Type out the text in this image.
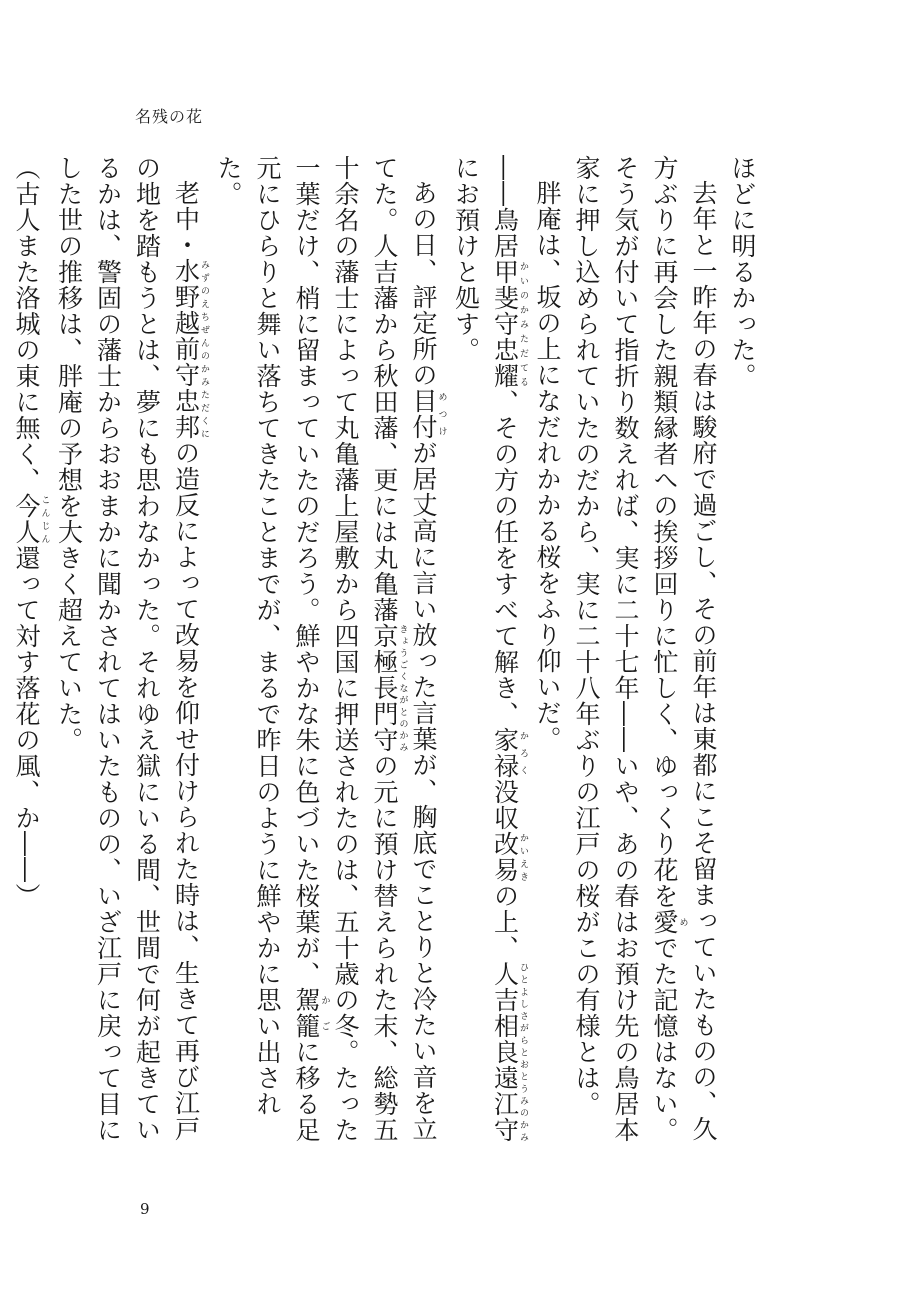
名残の花

ほどに明るかった。

去年と一昨年の春は駿府で過ごし、その前年は東都にこそ留まっていたものの、久方ぶりに再会した親類縁者への挨拶回りに忙しく、ゆっくり花を愛めでた記憶はない。そう気が付いて指折り数えれば、実に二十七年――いや、あの春はお預け先の鳥居本家に押し込められていたのだから、実に二十八年ぶりの江戸の桜がこの有様とは。

胖庵は、坂の上になだれかかる桜をふり仰いだ。

――鳥居甲斐守忠耀かいのかみただてる、その方の任をすべて解き、家禄かろく没収改易かいえきの上、人吉相良遠江守ひとよしさがらとおとうみのかみにお預けと処す。

あの日、評定所の目付めつけが居丈高に言い放った言葉が、胸底でことりと冷たい音を立てた。人吉藩から秋田藩、更には丸亀藩京極長門守きょうごくながとのかみの元に預け替えられた末、総勢五十余名の藩士によって丸亀藩上屋敷から四国に押送されたのは、五十歳の冬。たった一葉だけ、梢に留まっていたのだろう。鮮やかな朱に色づいた桜葉が、駕籠かごに移る足元にひらりと舞い落ちてきたことまでが、まるで昨日のように鮮やかに思い出された。

老中・水野越前守忠邦みずのえちぜんのかみただくにの造反によって改易を仰せ付けられた時は、生きて再び江戸の地を踏もうとは、夢にも思わなかった。それゆえ獄にいる間、世間で何が起きているかは、警固の藩士からおおまかに聞かされてはいたものの、いざ江戸に戻って目にした世の推移は、胖庵の予想を大きく超えていた。

（古人また洛城の東に無く、今人こんじん還って対す落花の風、か――）

9
